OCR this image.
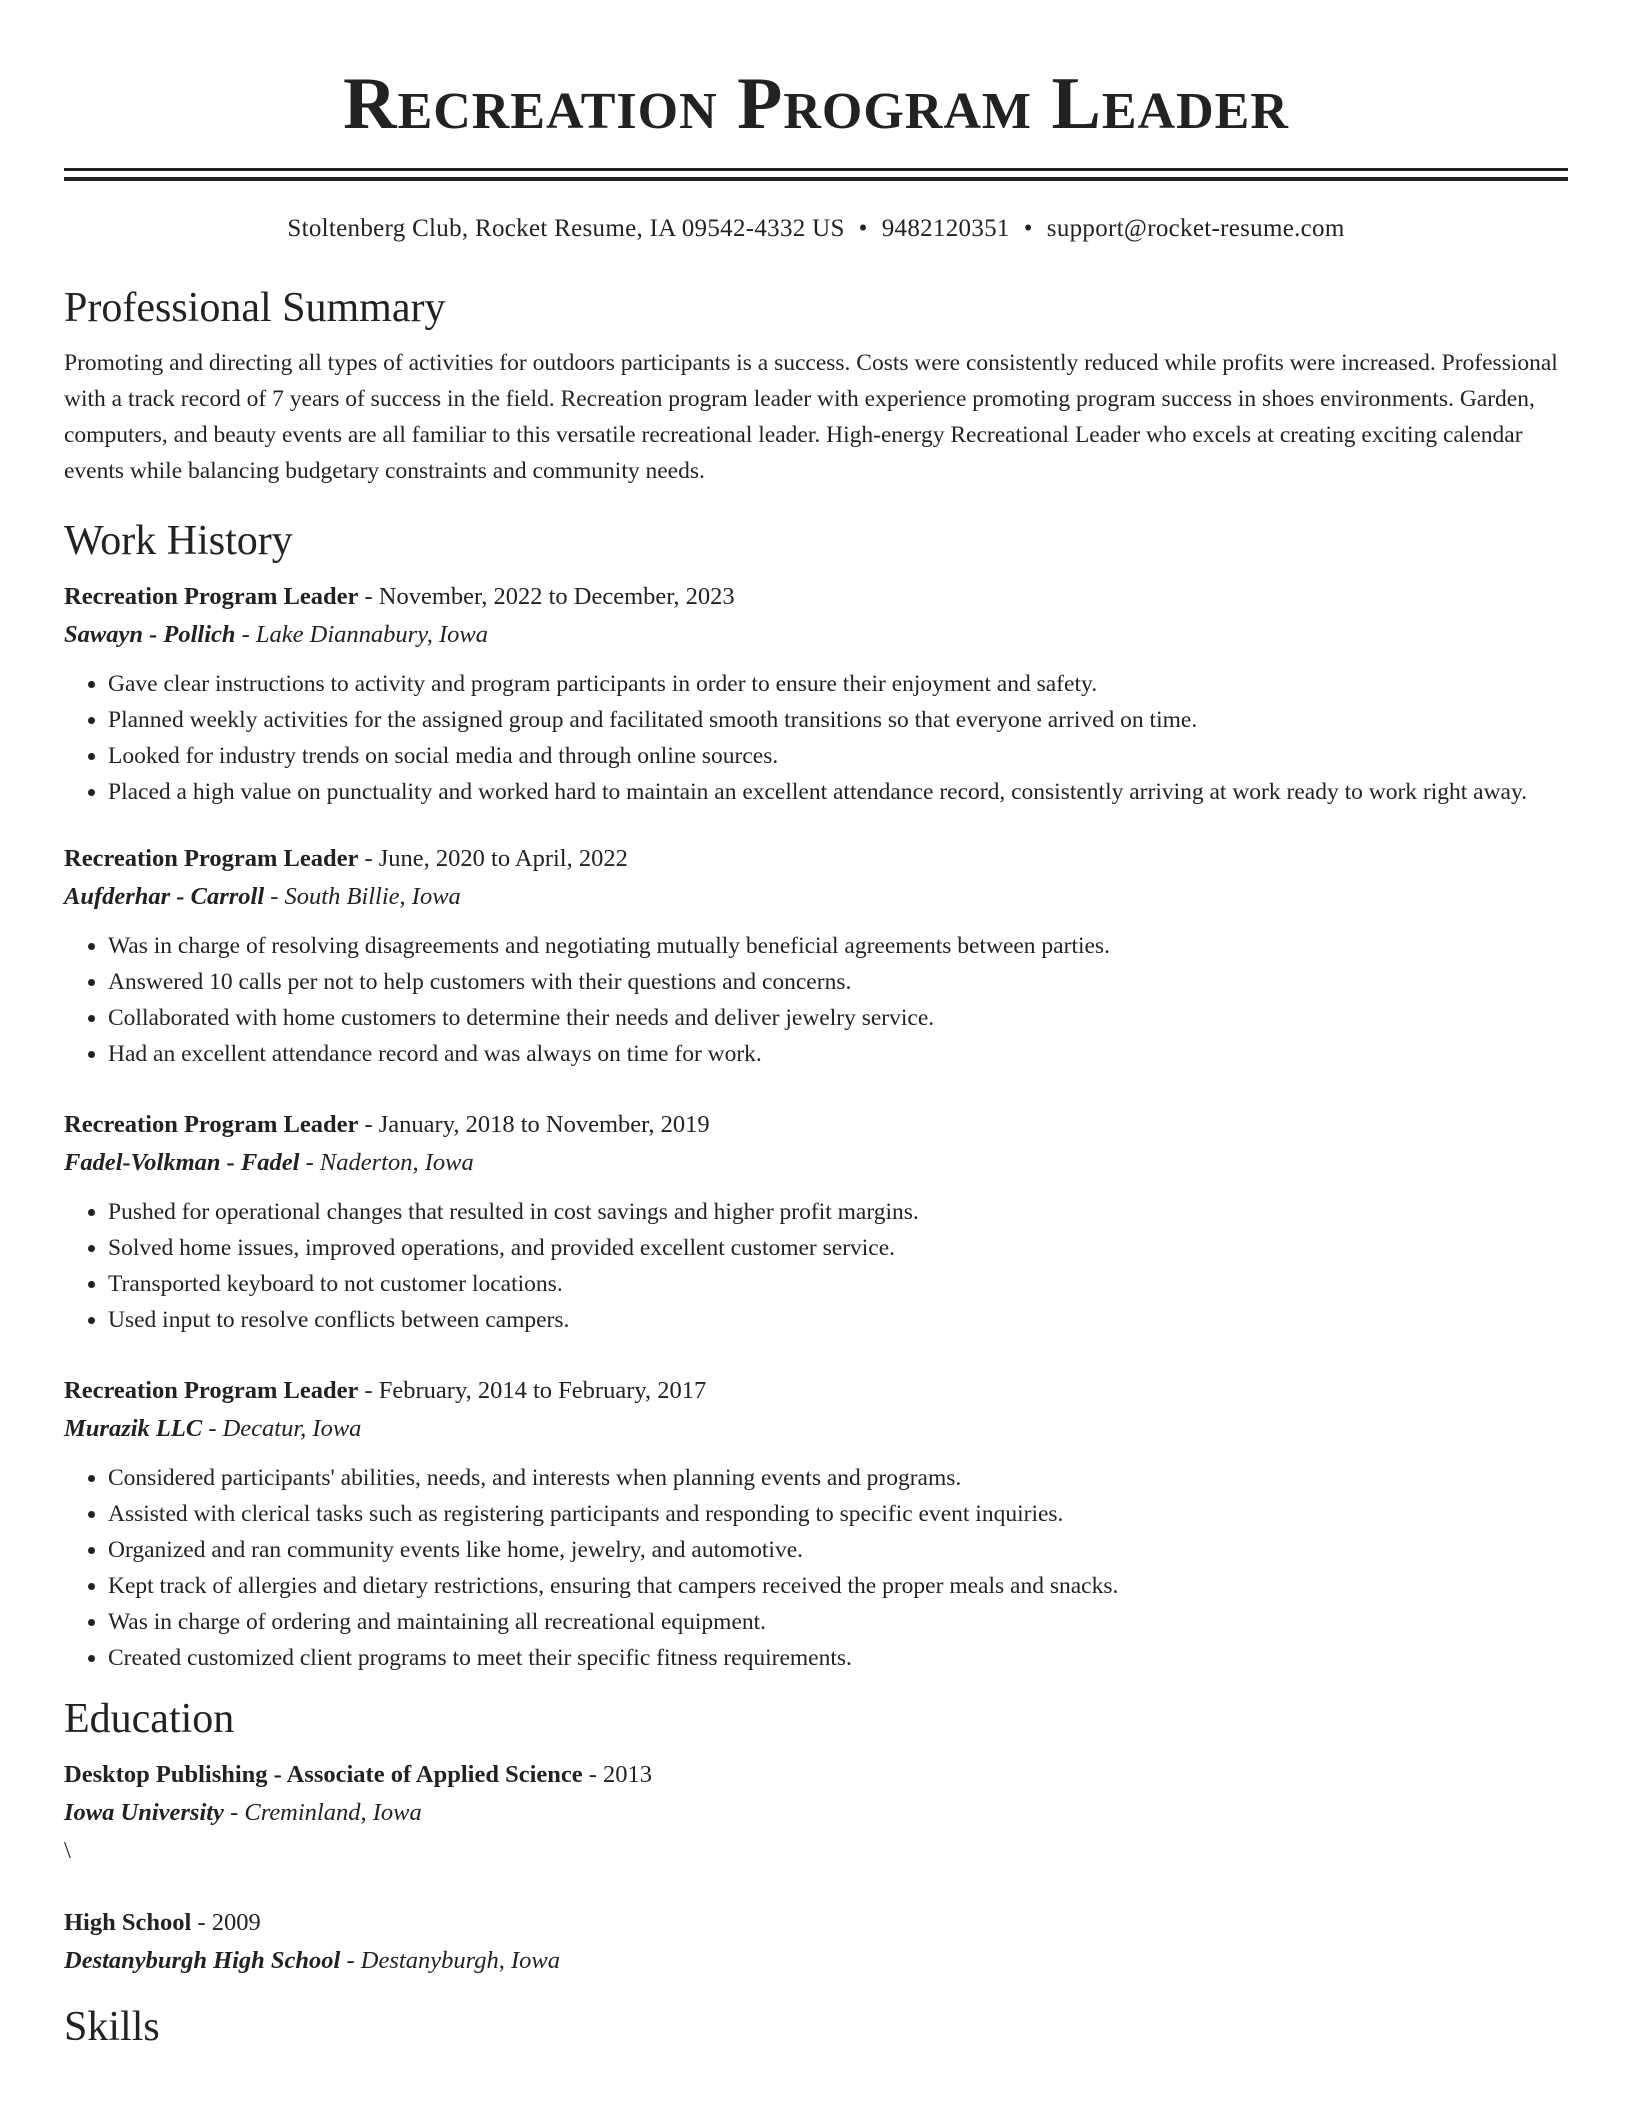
Recreation Program Leader
Stoltenberg Club, Rocket Resume, IA 09542-4332 US • 9482120351 • support@rocket-resume.com
Professional Summary

Promoting and directing all types of activities for outdoors participants is a success. Costs were consistently reduced while profits were increased. Professional with a track record of 7 years of success in the field. Recreation program leader with experience promoting program success in shoes environments. Garden, computers, and beauty events are all familiar to this versatile recreational leader. High-energy Recreational Leader who excels at creating exciting calendar events while balancing budgetary constraints and community needs.

Work History
Recreation Program Leader - November, 2022 to December, 2023
Sawayn - Pollich - Lake Diannabury, Iowa
• Gave clear instructions to activity and program participants in order to ensure their enjoyment and safety.
• Planned weekly activities for the assigned group and facilitated smooth transitions so that everyone arrived on time.
• Looked for industry trends on social media and through online sources.
• Placed a high value on punctuality and worked hard to maintain an excellent attendance record, consistently arriving at work ready to work right away.
Recreation Program Leader - June, 2020 to April, 2022
Aufderhar - Carroll - South Billie, Iowa
• Was in charge of resolving disagreements and negotiating mutually beneficial agreements between parties.
• Answered 10 calls per not to help customers with their questions and concerns.
• Collaborated with home customers to determine their needs and deliver jewelry service.
• Had an excellent attendance record and was always on time for work.
Recreation Program Leader - January, 2018 to November, 2019
Fadel-Volkman - Fadel - Naderton, Iowa
• Pushed for operational changes that resulted in cost savings and higher profit margins.
• Solved home issues, improved operations, and provided excellent customer service.
• Transported keyboard to not customer locations.
• Used input to resolve conflicts between campers.
Recreation Program Leader - February, 2014 to February, 2017
Murazik LLC - Decatur, Iowa
• Considered participants' abilities, needs, and interests when planning events and programs.
• Assisted with clerical tasks such as registering participants and responding to specific event inquiries.
• Organized and ran community events like home, jewelry, and automotive.
• Kept track of allergies and dietary restrictions, ensuring that campers received the proper meals and snacks.
• Was in charge of ordering and maintaining all recreational equipment.
• Created customized client programs to meet their specific fitness requirements.
Education
Desktop Publishing - Associate of Applied Science - 2013
Iowa University - Creminland, Iowa
\
High School - 2009
Destanyburgh High School - Destanyburgh, Iowa
Skills
